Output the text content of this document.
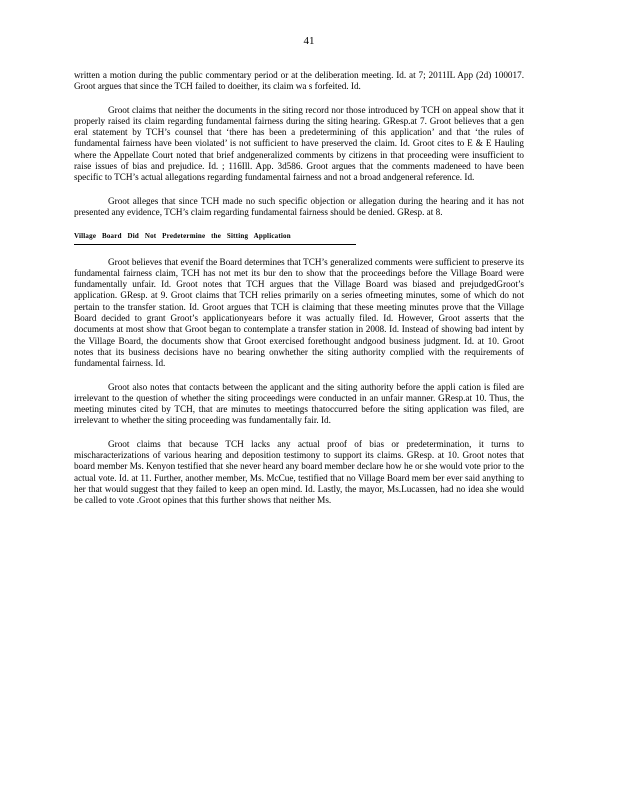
41

written a motion during the public commentary period or at the deliberation meeting. Id. at 7; 2011IL App (2d) 100017. Groot argues that since the TCH failed to doeither, its claim wa s forfeited. Id.

Groot claims that neither the documents in the siting record nor those introduced by TCH on appeal show that it properly raised its claim regarding fundamental fairness during the siting hearing. GResp.at 7. Groot believes that a gen eral statement by TCH’s counsel that ‘there has been a predetermining of this application’ and that ‘the rules of fundamental fairness have been violated’ is not sufficient to have preserved the claim. Id. Groot cites to E & E Hauling where the Appellate Court noted that brief andgeneralized comments by citizens in that proceeding were insufficient to raise issues of bias and prejudice. Id. ; 116Ill. App. 3d586. Groot argues that the comments madeneed to have been specific to TCH’s actual allegations regarding fundamental fairness and not a broad andgeneral reference. Id.

Groot alleges that since TCH made no such specific objection or allegation during the hearing and it has not presented any evidence, TCH’s claim regarding fundamental fairness should be denied. GResp. at 8.

Village   Board   Did   Not   Predetermine   the   Sitting   Application

Groot believes that evenif the Board determines that TCH’s generalized comments were sufficient to preserve its fundamental fairness claim, TCH has not met its bur den to show that the proceedings before the Village Board were fundamentally unfair. Id. Groot notes that TCH argues that the Village Board was biased and prejudgedGroot’s application. GResp. at 9. Groot claims that TCH relies primarily on a series ofmeeting minutes, some of which do not pertain to the transfer station. Id. Groot argues that TCH is claiming that these meeting minutes prove that the Village Board decided to grant Groot’s applicationyears before it was actually filed. Id. However, Groot asserts that the documents at most show that Groot began to contemplate a transfer station in 2008. Id. Instead of showing bad intent by the Village Board, the documents show that Groot exercised forethought andgood business judgment. Id. at 10. Groot notes that its business decisions have no bearing onwhether the siting authority complied with the requirements of fundamental fairness. Id.

Groot also notes that contacts between the applicant and the siting authority before the appli cation is filed are irrelevant to the question of whether the siting proceedings were conducted in an unfair manner. GResp.at 10. Thus, the meeting minutes cited by TCH, that are minutes to meetings thatoccurred before the siting application was filed, are irrelevant to whether the siting proceeding was fundamentally fair. Id.

Groot claims that because TCH lacks any actual proof of bias or predetermination, it turns to mischaracterizations of various hearing and deposition testimony to support its claims. GResp. at 10. Groot notes that board member Ms. Kenyon testified that she never heard any board member declare how he or she would vote prior to the actual vote. Id. at 11. Further, another member, Ms. McCue, testified that no Village Board mem ber ever said anything to her that would suggest that they failed to keep an open mind. Id. Lastly, the mayor, Ms.Lucassen, had no idea she would be called to vote .Groot opines that this further shows that neither Ms.
